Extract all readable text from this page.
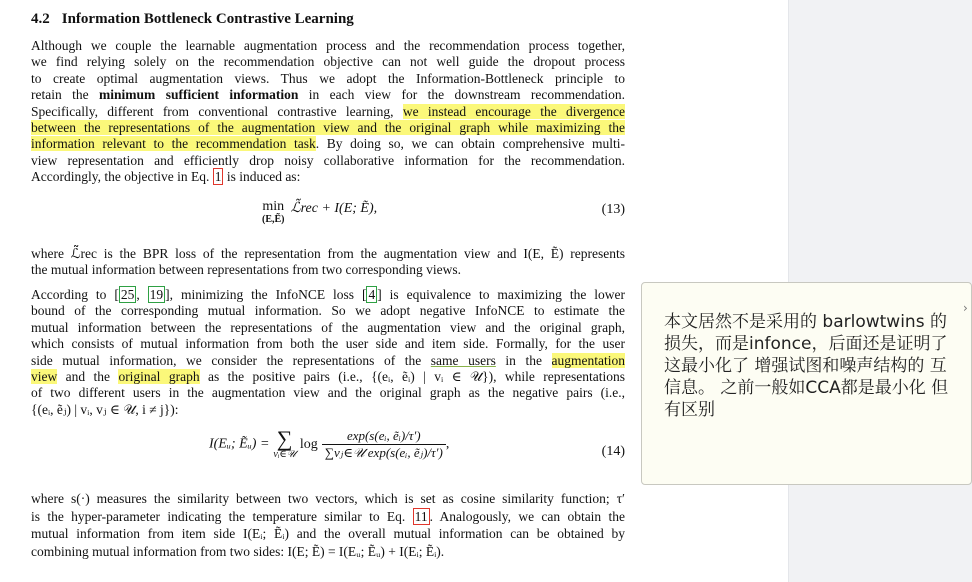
4.2 Information Bottleneck Contrastive Learning
Although we couple the learnable augmentation process and the recommendation process together,
we find relying solely on the recommendation objective can not well guide the dropout process
to create optimal augmentation views. Thus we adopt the Information-Bottleneck principle to
retain the minimum sufficient information in each view for the downstream recommendation.
Specifically, different from conventional contrastive learning, we instead encourage the divergence
between the representations of the augmentation view and the original graph while maximizing the
information relevant to the recommendation task. By doing so, we can obtain comprehensive multi-
view representation and efficiently drop noisy collaborative information for the recommendation.
Accordingly, the objective in Eq. 1 is induced as:
min
(E,Ẽ)
ℒ̃rec + I(E; Ẽ),	(13)
where ℒ̃rec is the BPR loss of the representation from the augmentation view and I(E, Ẽ) represents
the mutual information between representations from two corresponding views.
According to [ 25 , 19 ], minimizing the InfoNCE loss [ 4 ] is equivalence to maximizing the lower
bound of the corresponding mutual information. So we adopt negative InfoNCE to estimate the
mutual information between the representations of the augmentation view and the original graph,
which consists of mutual information from both the user side and item side. Formally, for the user
side mutual information, we consider the representations of the same users in the augmentation
view and the original graph as the positive pairs (i.e., {(eᵢ, ẽᵢ) | vᵢ ∈ 𝒰}), while representations
of two different users in the augmentation view and the original graph as the negative pairs (i.e.,
{(eᵢ, ẽⱼ) | vᵢ, vⱼ ∈ 𝒰, i ≠ j}):
I(Eᵤ; Ẽᵤ) = ∑
vᵢ∈𝒰
$\log \frac{\text{exp(s(eᵢ, ẽᵢ)/τ′)}}{\text{∑vⱼ∈𝒰 exp(s(eᵢ, ẽⱼ)/τ′)}}$ ,	(14)
where s(·) measures the similarity between two vectors, which is set as cosine similarity function; τ′
is the hyper-parameter indicating the temperature similar to Eq. 11 . Analogously, we can obtain the
mutual information from item side I(Eᵢ; Ẽᵢ) and the overall mutual information can be obtained by
combining mutual information from two sides: I(E; Ẽ) = I(Eᵤ; Ẽᵤ) + I(Eᵢ; Ẽᵢ).
›
本文居然不是采用的 barlowtwins 的损失，而是infonce，后面还是证明了 这最小化了 增强试图和噪声结构的 互信息。 之前一般如CCA都是最小化 但有区别
